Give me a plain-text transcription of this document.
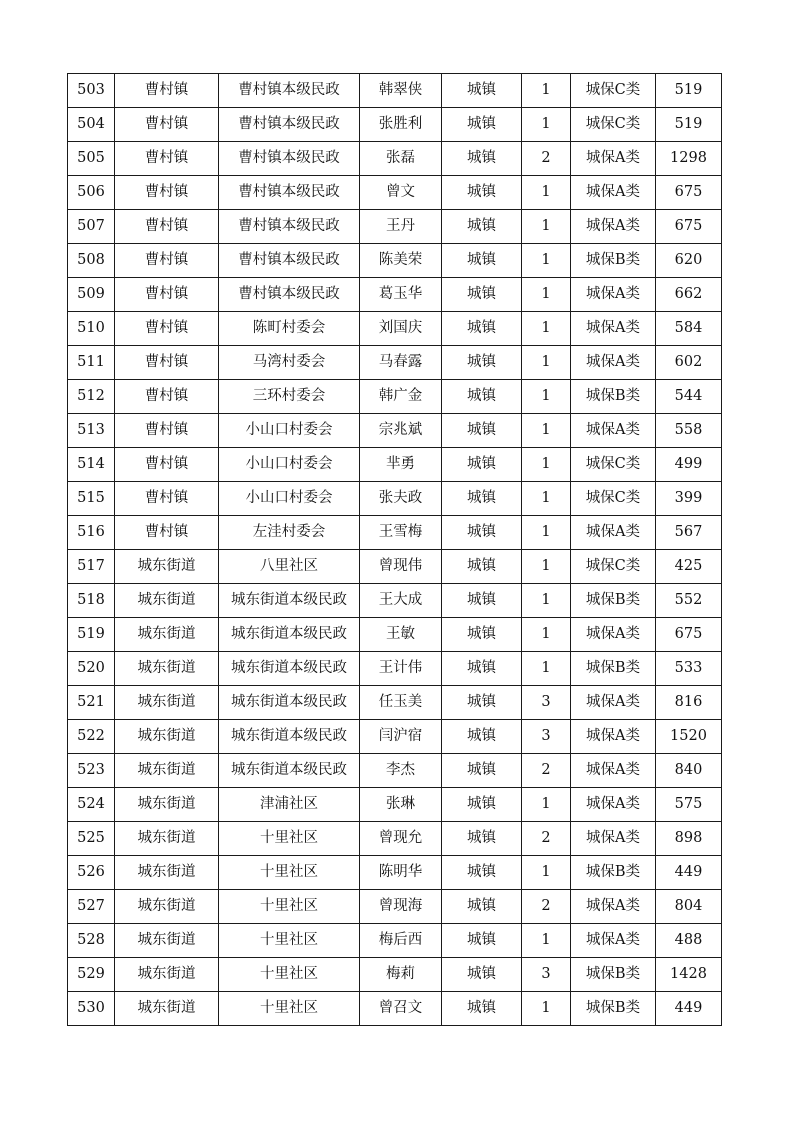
503	曹村镇	曹村镇本级民政	韩翠侠	城镇	1	城保C类	519
504	曹村镇	曹村镇本级民政	张胜利	城镇	1	城保C类	519
505	曹村镇	曹村镇本级民政	张磊	城镇	2	城保A类	1298
506	曹村镇	曹村镇本级民政	曾文	城镇	1	城保A类	675
507	曹村镇	曹村镇本级民政	王丹	城镇	1	城保A类	675
508	曹村镇	曹村镇本级民政	陈美荣	城镇	1	城保B类	620
509	曹村镇	曹村镇本级民政	葛玉华	城镇	1	城保A类	662
510	曹村镇	陈町村委会	刘国庆	城镇	1	城保A类	584
511	曹村镇	马湾村委会	马春露	城镇	1	城保A类	602
512	曹村镇	三环村委会	韩广金	城镇	1	城保B类	544
513	曹村镇	小山口村委会	宗兆斌	城镇	1	城保A类	558
514	曹村镇	小山口村委会	芈勇	城镇	1	城保C类	499
515	曹村镇	小山口村委会	张夫政	城镇	1	城保C类	399
516	曹村镇	左洼村委会	王雪梅	城镇	1	城保A类	567
517	城东街道	八里社区	曾现伟	城镇	1	城保C类	425
518	城东街道	城东街道本级民政	王大成	城镇	1	城保B类	552
519	城东街道	城东街道本级民政	王敏	城镇	1	城保A类	675
520	城东街道	城东街道本级民政	王计伟	城镇	1	城保B类	533
521	城东街道	城东街道本级民政	任玉美	城镇	3	城保A类	816
522	城东街道	城东街道本级民政	闫沪宿	城镇	3	城保A类	1520
523	城东街道	城东街道本级民政	李杰	城镇	2	城保A类	840
524	城东街道	津浦社区	张琳	城镇	1	城保A类	575
525	城东街道	十里社区	曾现允	城镇	2	城保A类	898
526	城东街道	十里社区	陈明华	城镇	1	城保B类	449
527	城东街道	十里社区	曾现海	城镇	2	城保A类	804
528	城东街道	十里社区	梅后西	城镇	1	城保A类	488
529	城东街道	十里社区	梅莉	城镇	3	城保B类	1428
530	城东街道	十里社区	曾召文	城镇	1	城保B类	449
